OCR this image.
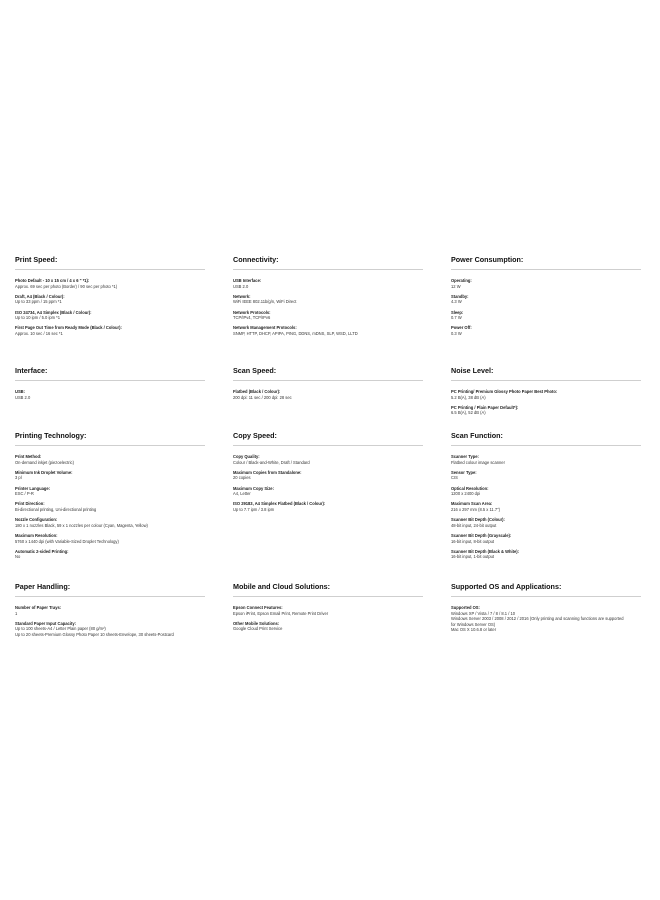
Print Speed:
Photo Default - 10 x 15 cm / 4 x 6 " *1):
Approx. 69 sec per photo (Border) / 90 sec per photo *1)
Draft, A4 (Black / Colour):
Up to 33 ppm / 15 ppm *1
ISO 24734, A4 Simplex (Black / Colour):
Up to 10 ipm / 5.0 ipm *1
First Page Out Time from Ready Mode (Black / Colour):
Approx. 10 sec / 16 sec *1
Connectivity:
USB Interface:
USB 2.0
Network:
WiFi IEEE 802.11b/g/n, WiFi Direct
Network Protocols:
TCP/IPv4, TCP/IPv6
Network Management Protocols:
SNMP, HTTP, DHCP, APIPA, PING, DDNS, mDNS, SLP, WSD, LLTD
Power Consumption:
Operating:
12 W
Standby:
4.3 W
Sleep:
0.7 W
Power Off:
0.3 W
Interface:
USB:
USB 2.0
Scan Speed:
Flatbed (Black / Colour):
200 dpi: 11 sec / 200 dpi: 28 sec
Noise Level:
PC Printing/ Premium Glossy Photo Paper Best Photo:
5.2 B(A), 38 dB (A)
PC Printing / Plain Paper Default*):
6.5 B(A), 52 dB (A)
Printing Technology:
Print Method:
On-demand inkjet (piezoelectric)
Minimum Ink Droplet Volume:
3 pl
Printer Language:
ESC / P-R
Print Direction:
Bi-directional printing, Uni-directional printing
Nozzle Configuration:
180 x 1 nozzles Black, 59 x 1 nozzles per colour (Cyan, Magenta, Yellow)
Maximum Resolution:
5760 x 1440 dpi (with Variable-Sized Droplet Technology)
Automatic 2-sided Printing:
No
Copy Speed:
Copy Quality:
Colour / Black-and-White, Draft / Standard
Maximum Copies from Standalone:
20 copies
Maximum Copy Size:
A4, Letter
ISO 29183, A4 Simplex Flatbed (Black / Colour):
Up to 7.7 ipm / 3.8 ipm
Scan Function:
Scanner Type:
Flatbed colour image scanner
Sensor Type:
CIS
Optical Resolution:
1200 x 2400 dpi
Maximum Scan Area:
216 x 297 mm (8.5 x 11.7")
Scanner Bit Depth (Colour):
48-bit input, 24-bit output
Scanner Bit Depth (Grayscale):
16-bit input, 8-bit output
Scanner Bit Depth (Black & White):
16-bit input, 1-bit output
Paper Handling:
Number of Paper Trays:
1
Standard Paper Input Capacity:
Up to 100 sheets-A4 / Letter Plain paper (80 g/m²)
Up to 20 sheets-Premium Glossy Photo Paper 10 sheets-Envelope, 30 sheets-Postcard
Mobile and Cloud Solutions:
Epson Connect Features:
Epson iPrint, Epson Email Print, Remote Print Driver
Other Mobile Solutions:
Google Cloud Print Service
Supported OS and Applications:
Supported OS:
Windows XP / Vista / 7 / 8 / 8.1 / 10
Windows Server 2003 / 2008 / 2012 / 2016 (Only printing and scanning functions are supported
for Windows Server OS)
Mac OS X 10.6.8 or later
